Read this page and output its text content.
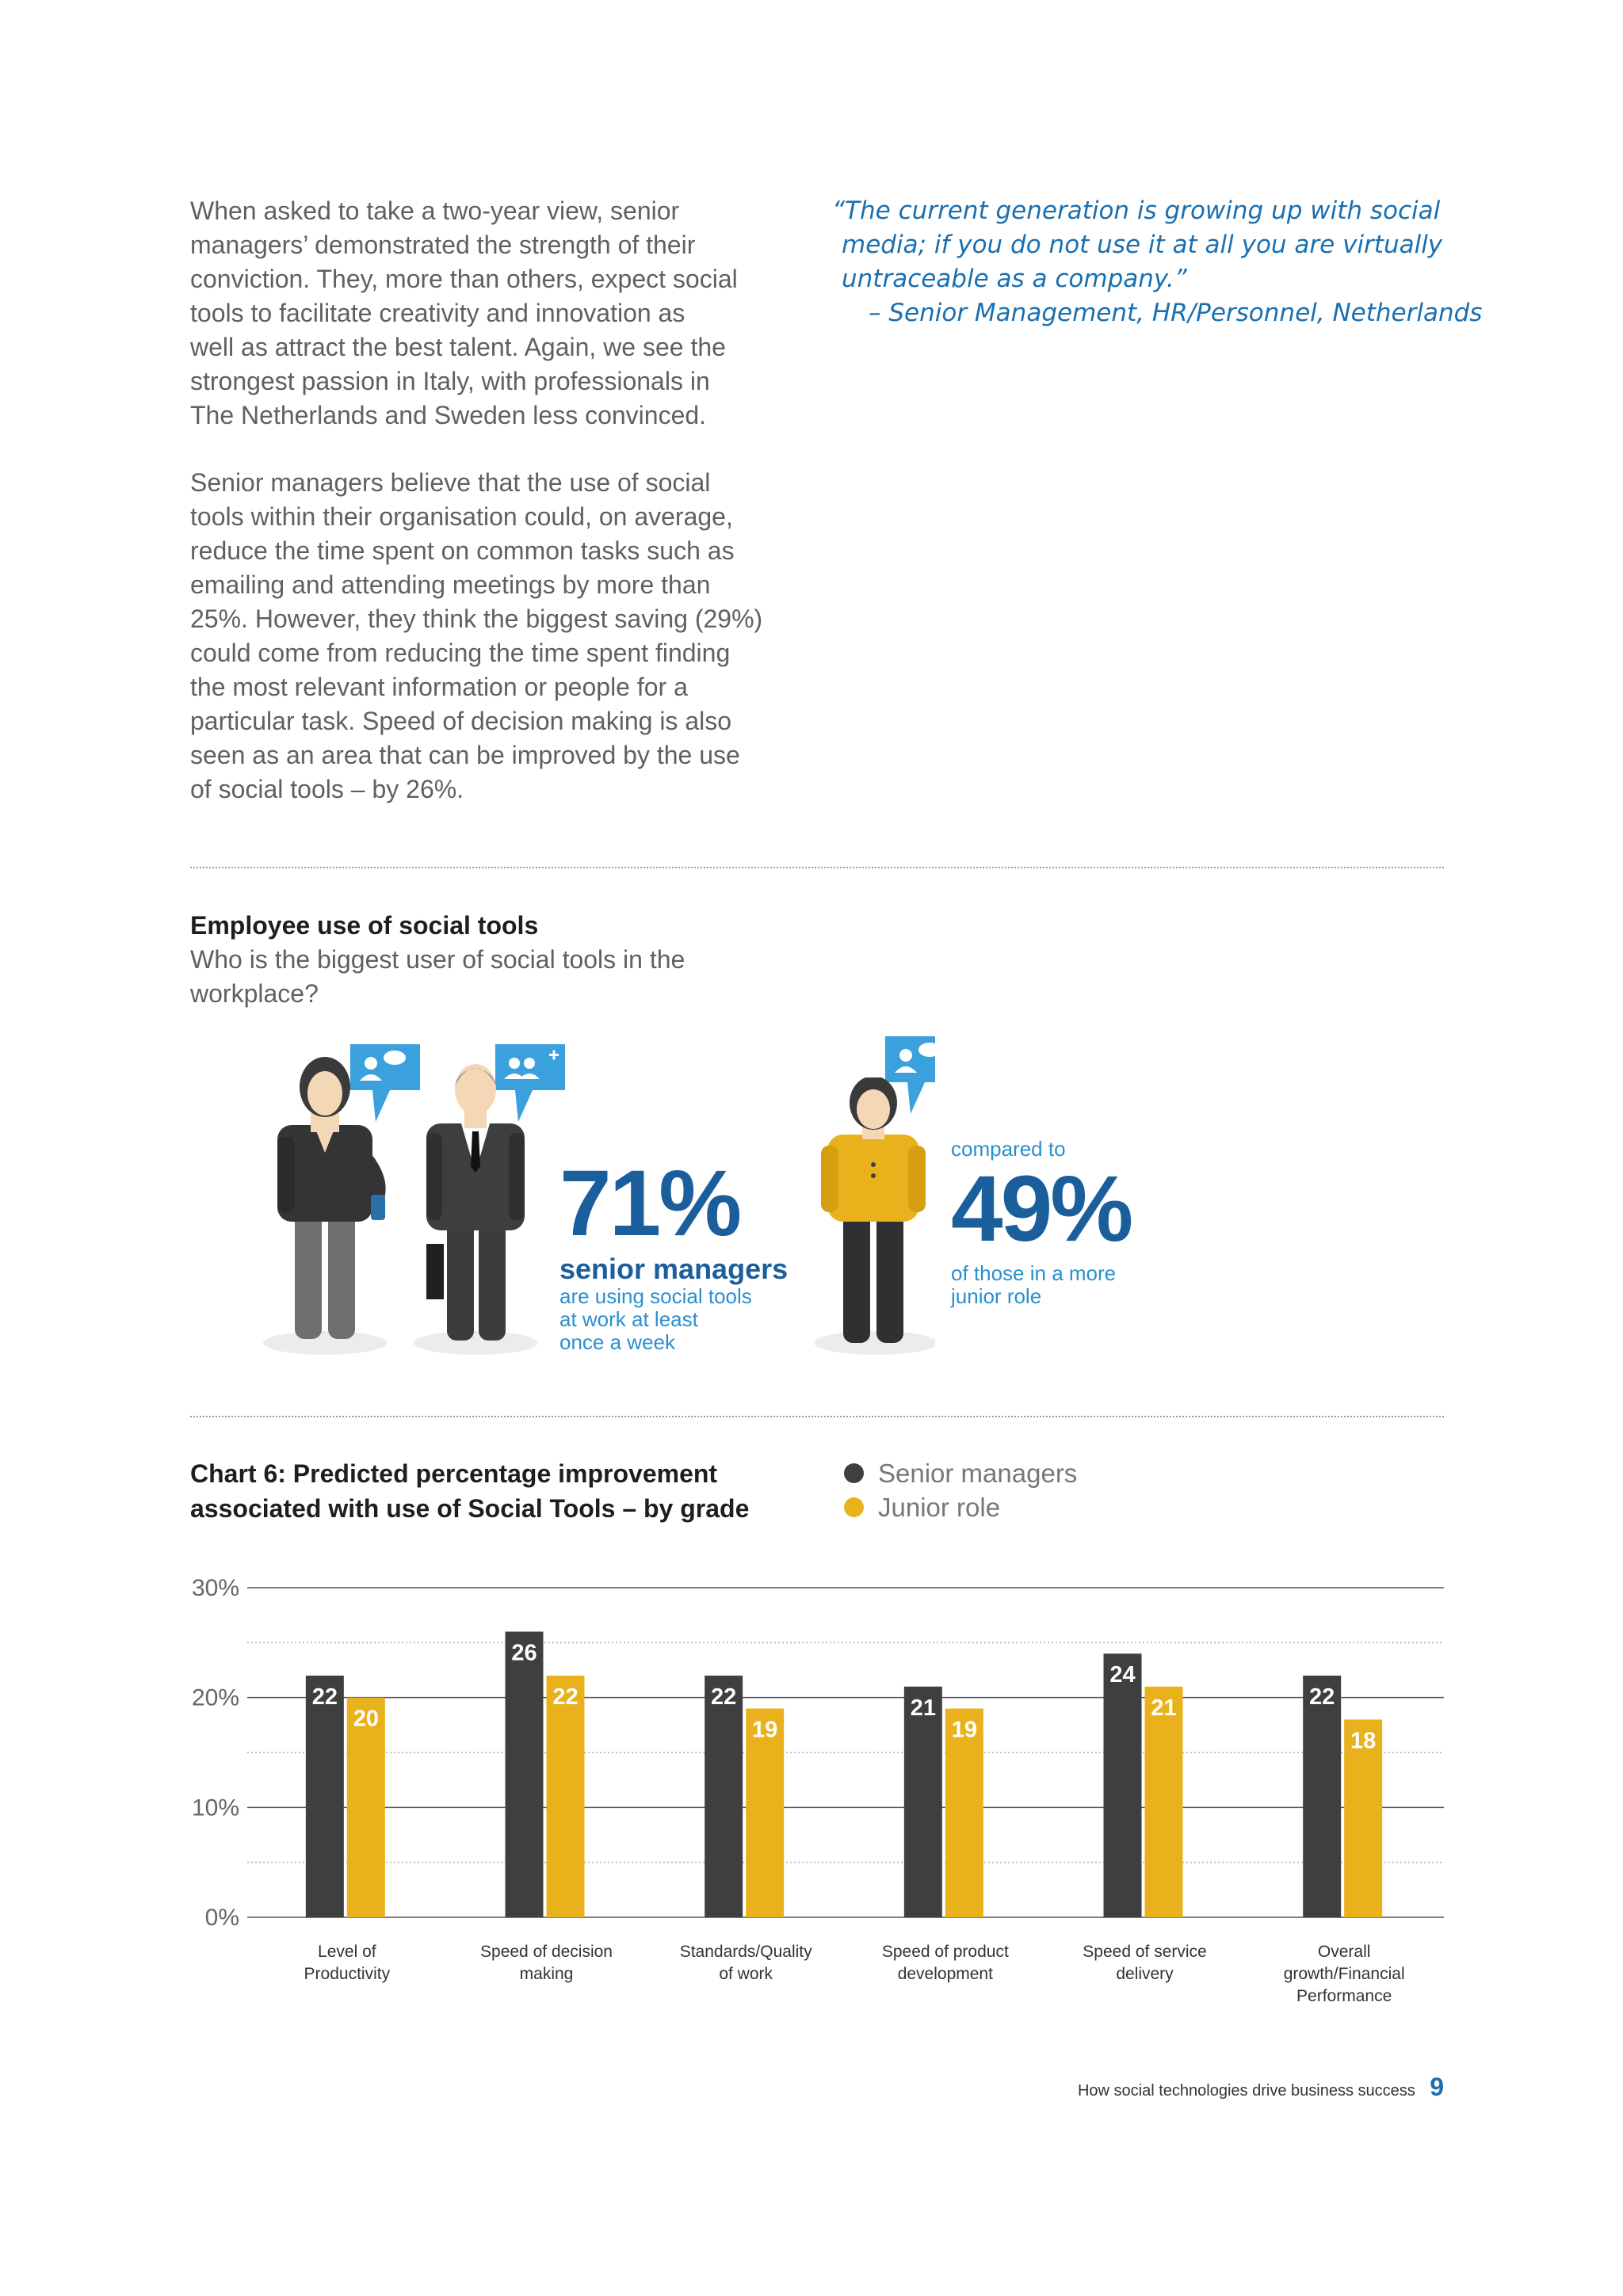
When asked to take a two-year view, senior

managers’ demonstrated the strength of their

conviction. They, more than others, expect social

tools to facilitate creativity and innovation as

well as attract the best talent. Again, we see the

strongest passion in Italy, with professionals in

The Netherlands and Sweden less convinced.

Senior managers believe that the use of social

tools within their organisation could, on average,

reduce the time spent on common tasks such as

emailing and attending meetings by more than

25%. However, they think the biggest saving (29%)

could come from reducing the time spent finding

the most relevant information or people for a

particular task. Speed of decision making is also

seen as an area that can be improved by the use

of social tools – by 26%.

“The current generation is growing up with social
media; if you do not use it at all you are virtually
untraceable as a company.”
– Senior Management, HR/Personnel, Netherlands
Employee use of social tools
Who is the biggest user of social tools in the
workplace?
71%
senior managers
are using social tools
at work at least
once a week
compared to
49%
of those in a more
junior role
Chart 6: Predicted percentage improvement
associated with use of Social Tools – by grade
Senior managers
Junior role
0%
10%
20%
30%
22
20
Level of
Productivity
26
22
Speed of decision
making
22
19
Standards/Quality
of work
21
19
Speed of product
development
24
21
Speed of service
delivery
22
18
Overall
growth/Financial
Performance
How social technologies drive business success 9
